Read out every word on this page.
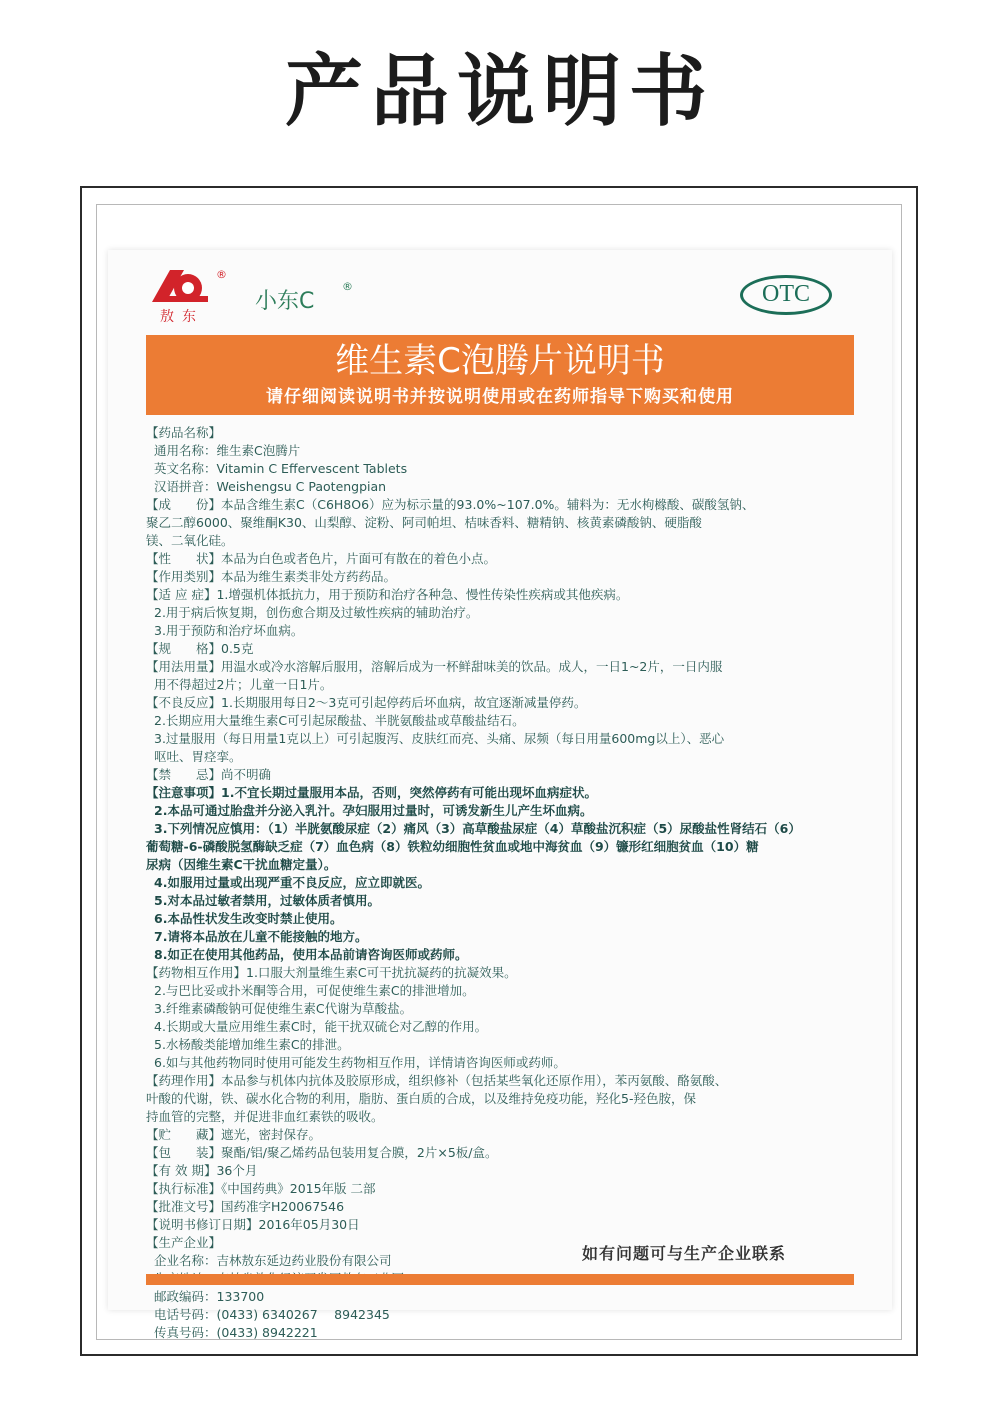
产品说明书
®
敖东
小东C
®	OTC
维生素C泡腾片说明书
请仔细阅读说明书并按说明使用或在药师指导下购买和使用

【药品名称】

通用名称：维生素C泡腾片

英文名称：Vitamin C Effervescent Tablets

汉语拼音：Weishengsu C Paotengpian

【成　　份】本品含维生素C（C6H8O6）应为标示量的93.0%~107.0%。辅料为：无水枸橼酸、碳酸氢钠、

聚乙二醇6000、聚维酮K30、山梨醇、淀粉、阿司帕坦、桔味香料、糖精钠、核黄素磷酸钠、硬脂酸

镁、二氧化硅。

【性　　状】本品为白色或者色片，片面可有散在的着色小点。

【作用类别】本品为维生素类非处方药药品。

【适 应 症】1.增强机体抵抗力，用于预防和治疗各种急、慢性传染性疾病或其他疾病。

2.用于病后恢复期，创伤愈合期及过敏性疾病的辅助治疗。

3.用于预防和治疗坏血病。

【规　　格】0.5克

【用法用量】用温水或冷水溶解后服用，溶解后成为一杯鲜甜味美的饮品。成人，一日1~2片，一日内服

用不得超过2片；儿童一日1片。

【不良反应】1.长期服用每日2～3克可引起停药后坏血病，故宜逐渐减量停药。

2.长期应用大量维生素C可引起尿酸盐、半胱氨酸盐或草酸盐结石。

3.过量服用（每日用量1克以上）可引起腹泻、皮肤红而亮、头痛、尿频（每日用量600mg以上）、恶心

呕吐、胃痉挛。

【禁　　忌】尚不明确

【注意事项】1.不宜长期过量服用本品，否则，突然停药有可能出现坏血病症状。

2.本品可通过胎盘并分泌入乳汁。孕妇服用过量时，可诱发新生儿产生坏血病。

3.下列情况应慎用：（1）半胱氨酸尿症（2）痛风（3）高草酸盐尿症（4）草酸盐沉积症（5）尿酸盐性肾结石（6）

葡萄糖-6-磷酸脱氢酶缺乏症（7）血色病（8）铁粒幼细胞性贫血或地中海贫血（9）镰形红细胞贫血（10）糖

尿病（因维生素C干扰血糖定量）。

4.如服用过量或出现严重不良反应，应立即就医。

5.对本品过敏者禁用，过敏体质者慎用。

6.本品性状发生改变时禁止使用。

7.请将本品放在儿童不能接触的地方。

8.如正在使用其他药品，使用本品前请咨询医师或药师。

【药物相互作用】1.口服大剂量维生素C可干扰抗凝药的抗凝效果。

2.与巴比妥或扑米酮等合用，可促使维生素C的排泄增加。

3.纤维素磷酸钠可促使维生素C代谢为草酸盐。

4.长期或大量应用维生素C时，能干扰双硫仑对乙醇的作用。

5.水杨酸类能增加维生素C的排泄。

6.如与其他药物同时使用可能发生药物相互作用，详情请咨询医师或药师。

【药理作用】本品参与机体内抗体及胶原形成，组织修补（包括某些氧化还原作用），苯丙氨酸、酪氨酸、

叶酸的代谢，铁、碳水化合物的利用，脂肪、蛋白质的合成，以及维持免疫功能，羟化5-羟色胺，保

持血管的完整，并促进非血红素铁的吸收。

【贮　　藏】遮光，密封保存。

【包　　装】聚酯/铝/聚乙烯药品包装用复合膜，2片×5板/盒。

【有 效 期】36个月

【执行标准】《中国药典》2015年版 二部

【批准文号】国药准字H20067546

【说明书修订日期】2016年05月30日

【生产企业】

企业名称：吉林敖东延边药业股份有限公司

邮政编码：133700

电话号码：(0433) 6340267　 8942345

传真号码：(0433) 8942221

如有问题可与生产企业联系
